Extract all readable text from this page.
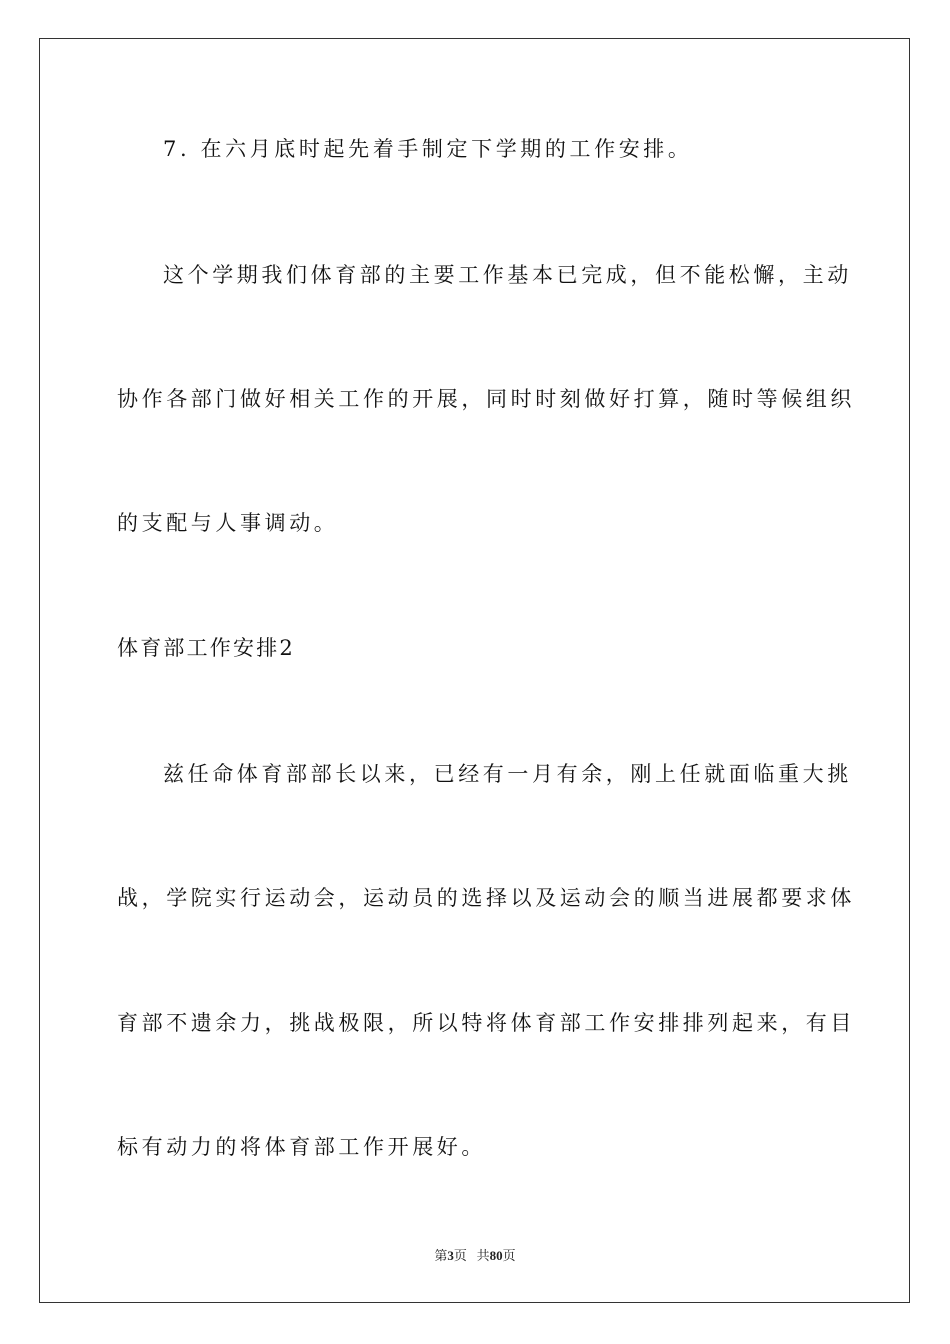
7. 在六月底时起先着手制定下学期的工作安排。
这个学期我们体育部的主要工作基本已完成，但不能松懈，主动
协作各部门做好相关工作的开展，同时时刻做好打算，随时等候组织
的支配与人事调动。
体育部工作安排2
兹任命体育部部长以来，已经有一月有余，刚上任就面临重大挑
战，学院实行运动会，运动员的选择以及运动会的顺当进展都要求体
育部不遗余力，挑战极限，所以特将体育部工作安排排列起来，有目
标有动力的将体育部工作开展好。
第3页 共80页
